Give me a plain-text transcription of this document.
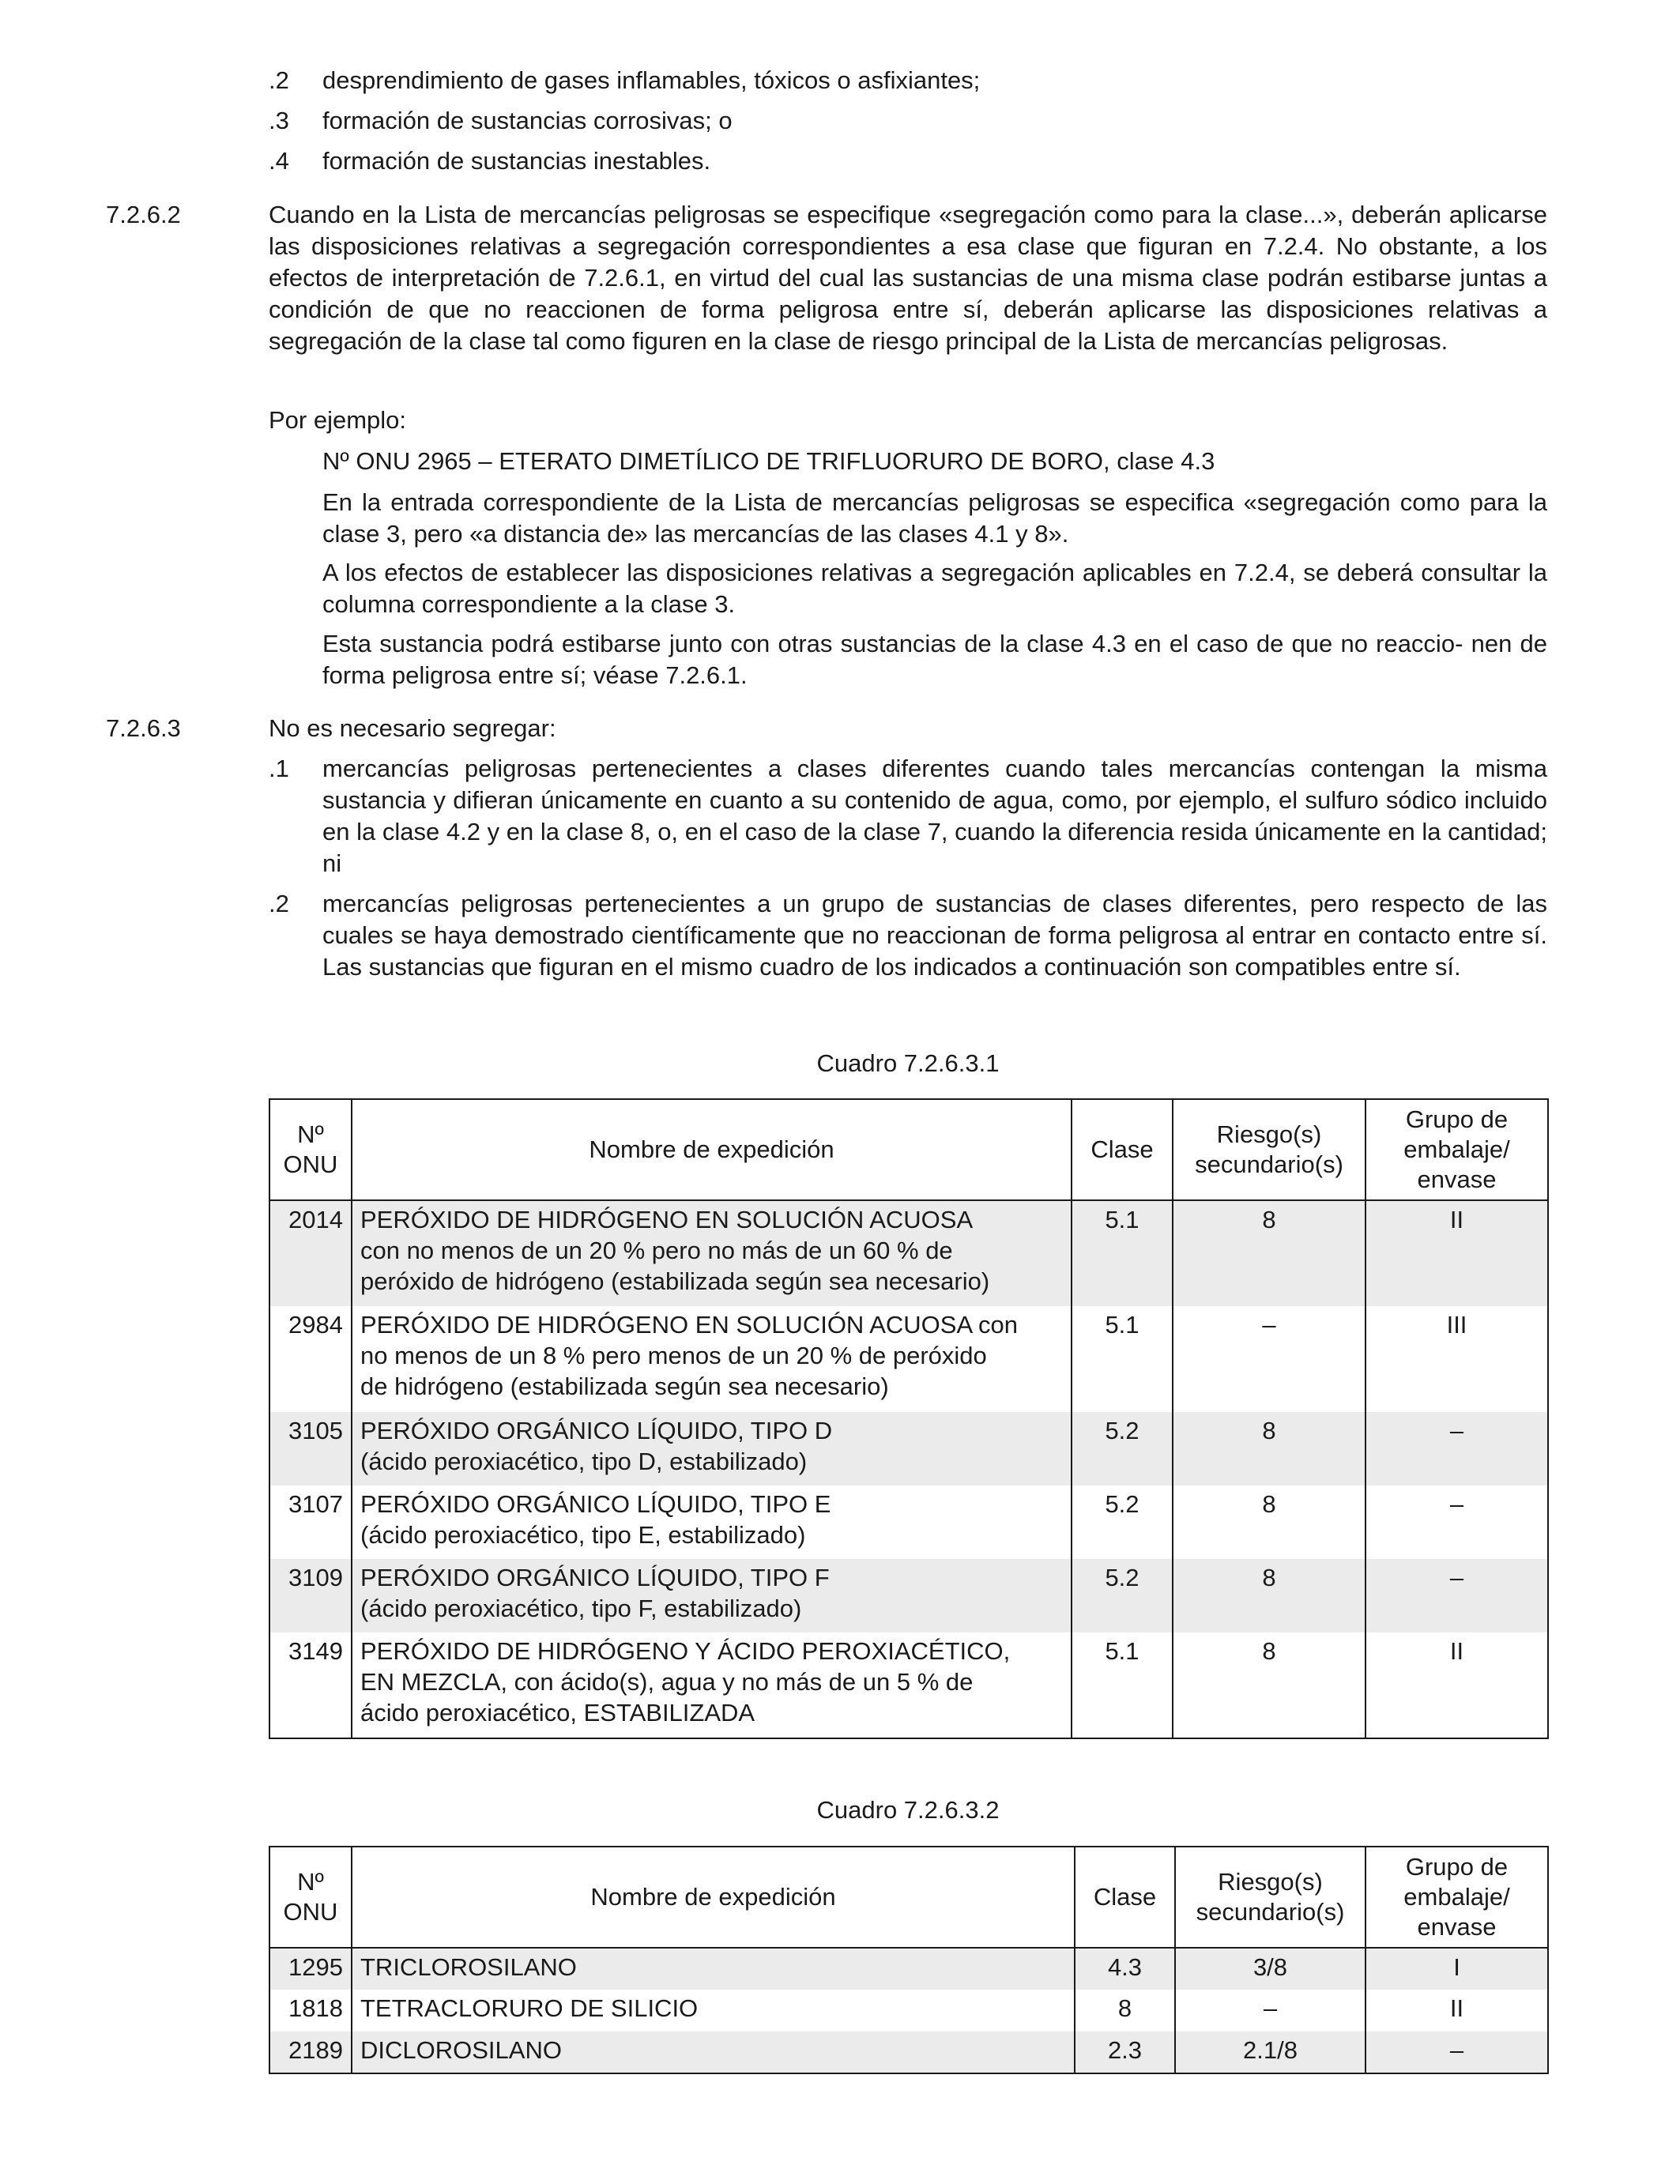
.2	desprendimiento de gases inflamables, tóxicos o asfixiantes;
.3	formación de sustancias corrosivas; o
.4	formación de sustancias inestables.
7.2.6.2	Cuando en la Lista de mercancías peligrosas se especifique «segregación como para la clase...», deberán aplicarse las disposiciones relativas a segregación correspondientes a esa clase que figuran en 7.2.4. No obstante, a los efectos de interpretación de 7.2.6.1, en virtud del cual las sustancias de una misma clase podrán estibarse juntas a condición de que no reaccionen de forma peligrosa entre sí, deberán aplicarse las disposiciones relativas a segregación de la clase tal como figuren en la clase de riesgo principal de la Lista de mercancías peligrosas.
Por ejemplo:
Nº ONU 2965 – ETERATO DIMETÍLICO DE TRIFLUORURO DE BORO, clase 4.3
En la entrada correspondiente de la Lista de mercancías peligrosas se especifica «segregación como para la clase 3, pero «a distancia de» las mercancías de las clases 4.1 y 8».
A los efectos de establecer las disposiciones relativas a segregación aplicables en 7.2.4, se deberá consultar la columna correspondiente a la clase 3.
Esta sustancia podrá estibarse junto con otras sustancias de la clase 4.3 en el caso de que no reaccio- nen de forma peligrosa entre sí; véase 7.2.6.1.
7.2.6.3	No es necesario segregar:
.1	mercancías peligrosas pertenecientes a clases diferentes cuando tales mercancías contengan la misma sustancia y difieran únicamente en cuanto a su contenido de agua, como, por ejemplo, el sulfuro sódico incluido en la clase 4.2 y en la clase 8, o, en el caso de la clase 7, cuando la diferencia resida únicamente en la cantidad; ni
.2	mercancías peligrosas pertenecientes a un grupo de sustancias de clases diferentes, pero respecto de las cuales se haya demostrado científicamente que no reaccionan de forma peligrosa al entrar en contacto entre sí. Las sustancias que figuran en el mismo cuadro de los indicados a continuación son compatibles entre sí.
Cuadro 7.2.6.3.1
Nº
ONU	Nombre de expedición	Clase	Riesgo(s)
secundario(s)	Grupo de
embalaje/
envase
2014	PERÓXIDO DE HIDRÓGENO EN SOLUCIÓN ACUOSA
con no menos de un 20 % pero no más de un 60 % de
peróxido de hidrógeno (estabilizada según sea necesario)	5.1	8	II
2984	PERÓXIDO DE HIDRÓGENO EN SOLUCIÓN ACUOSA con
no menos de un 8 % pero menos de un 20 % de peróxido
de hidrógeno (estabilizada según sea necesario)	5.1	–	III
3105	PERÓXIDO ORGÁNICO LÍQUIDO, TIPO D
(ácido peroxiacético, tipo D, estabilizado)	5.2	8	–
3107	PERÓXIDO ORGÁNICO LÍQUIDO, TIPO E
(ácido peroxiacético, tipo E, estabilizado)	5.2	8	–
3109	PERÓXIDO ORGÁNICO LÍQUIDO, TIPO F
(ácido peroxiacético, tipo F, estabilizado)	5.2	8	–
3149	PERÓXIDO DE HIDRÓGENO Y ÁCIDO PEROXIACÉTICO,
EN MEZCLA, con ácido(s), agua y no más de un 5 % de
ácido peroxiacético, ESTABILIZADA	5.1	8	II
Cuadro 7.2.6.3.2
Nº
ONU	Nombre de expedición	Clase	Riesgo(s)
secundario(s)	Grupo de
embalaje/
envase
1295	TRICLOROSILANO	4.3	3/8	I
1818	TETRACLORURO DE SILICIO	8	–	II
2189	DICLOROSILANO	2.3	2.1/8	–
